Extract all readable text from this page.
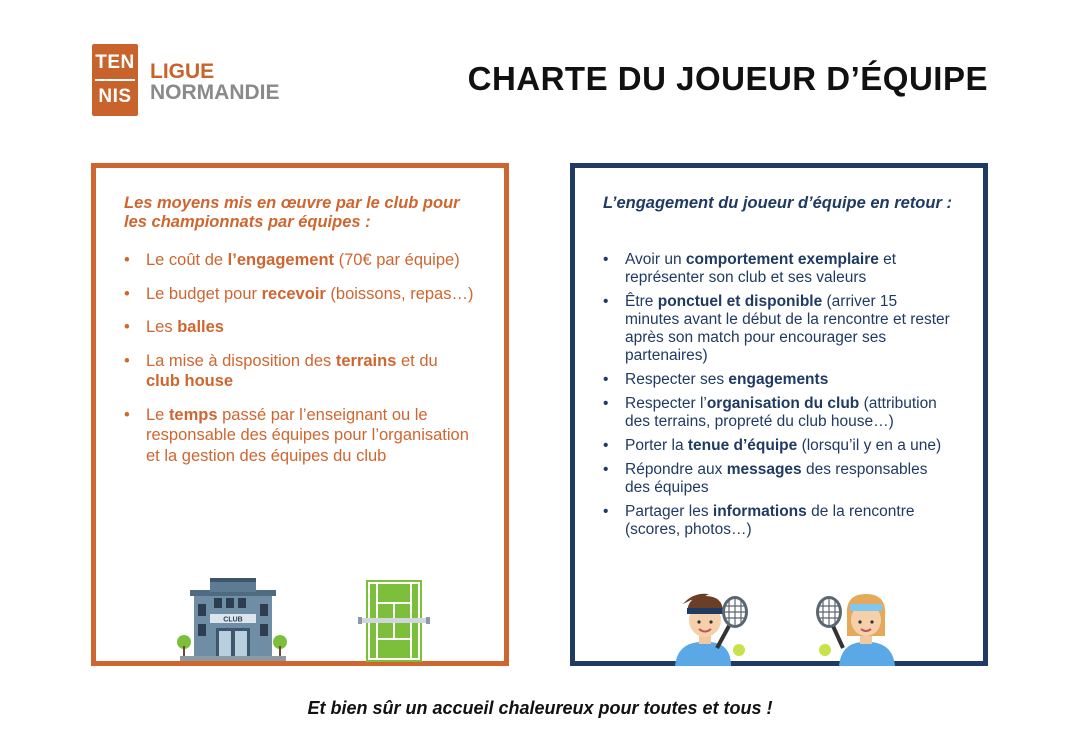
TEN
NIS
LIGUE
NORMANDIE	CHARTE DU JOUEUR D’ÉQUIPE
Les moyens mis en œuvre par le club pour les championnats par équipes :
• Le coût de l’engagement (70€ par équipe)
• Le budget pour recevoir (boissons, repas…)
• Les balles
• La mise à disposition des terrains et du club house
• Le temps passé par l’enseignant ou le responsable des équipes pour l’organisation et la gestion des équipes du club
CLUB
L’engagement du joueur d’équipe en retour :
• Avoir un comportement exemplaire et représenter son club et ses valeurs
• Être ponctuel et disponible (arriver 15 minutes avant le début de la rencontre et rester après son match pour encourager ses partenaires)
• Respecter ses engagements
• Respecter l’organisation du club (attribution des terrains, propreté du club house…)
• Porter la tenue d’équipe (lorsqu’il y en a une)
• Répondre aux messages des responsables des équipes
• Partager les informations de la rencontre (scores, photos…)

Et bien sûr un accueil chaleureux pour toutes et tous !
